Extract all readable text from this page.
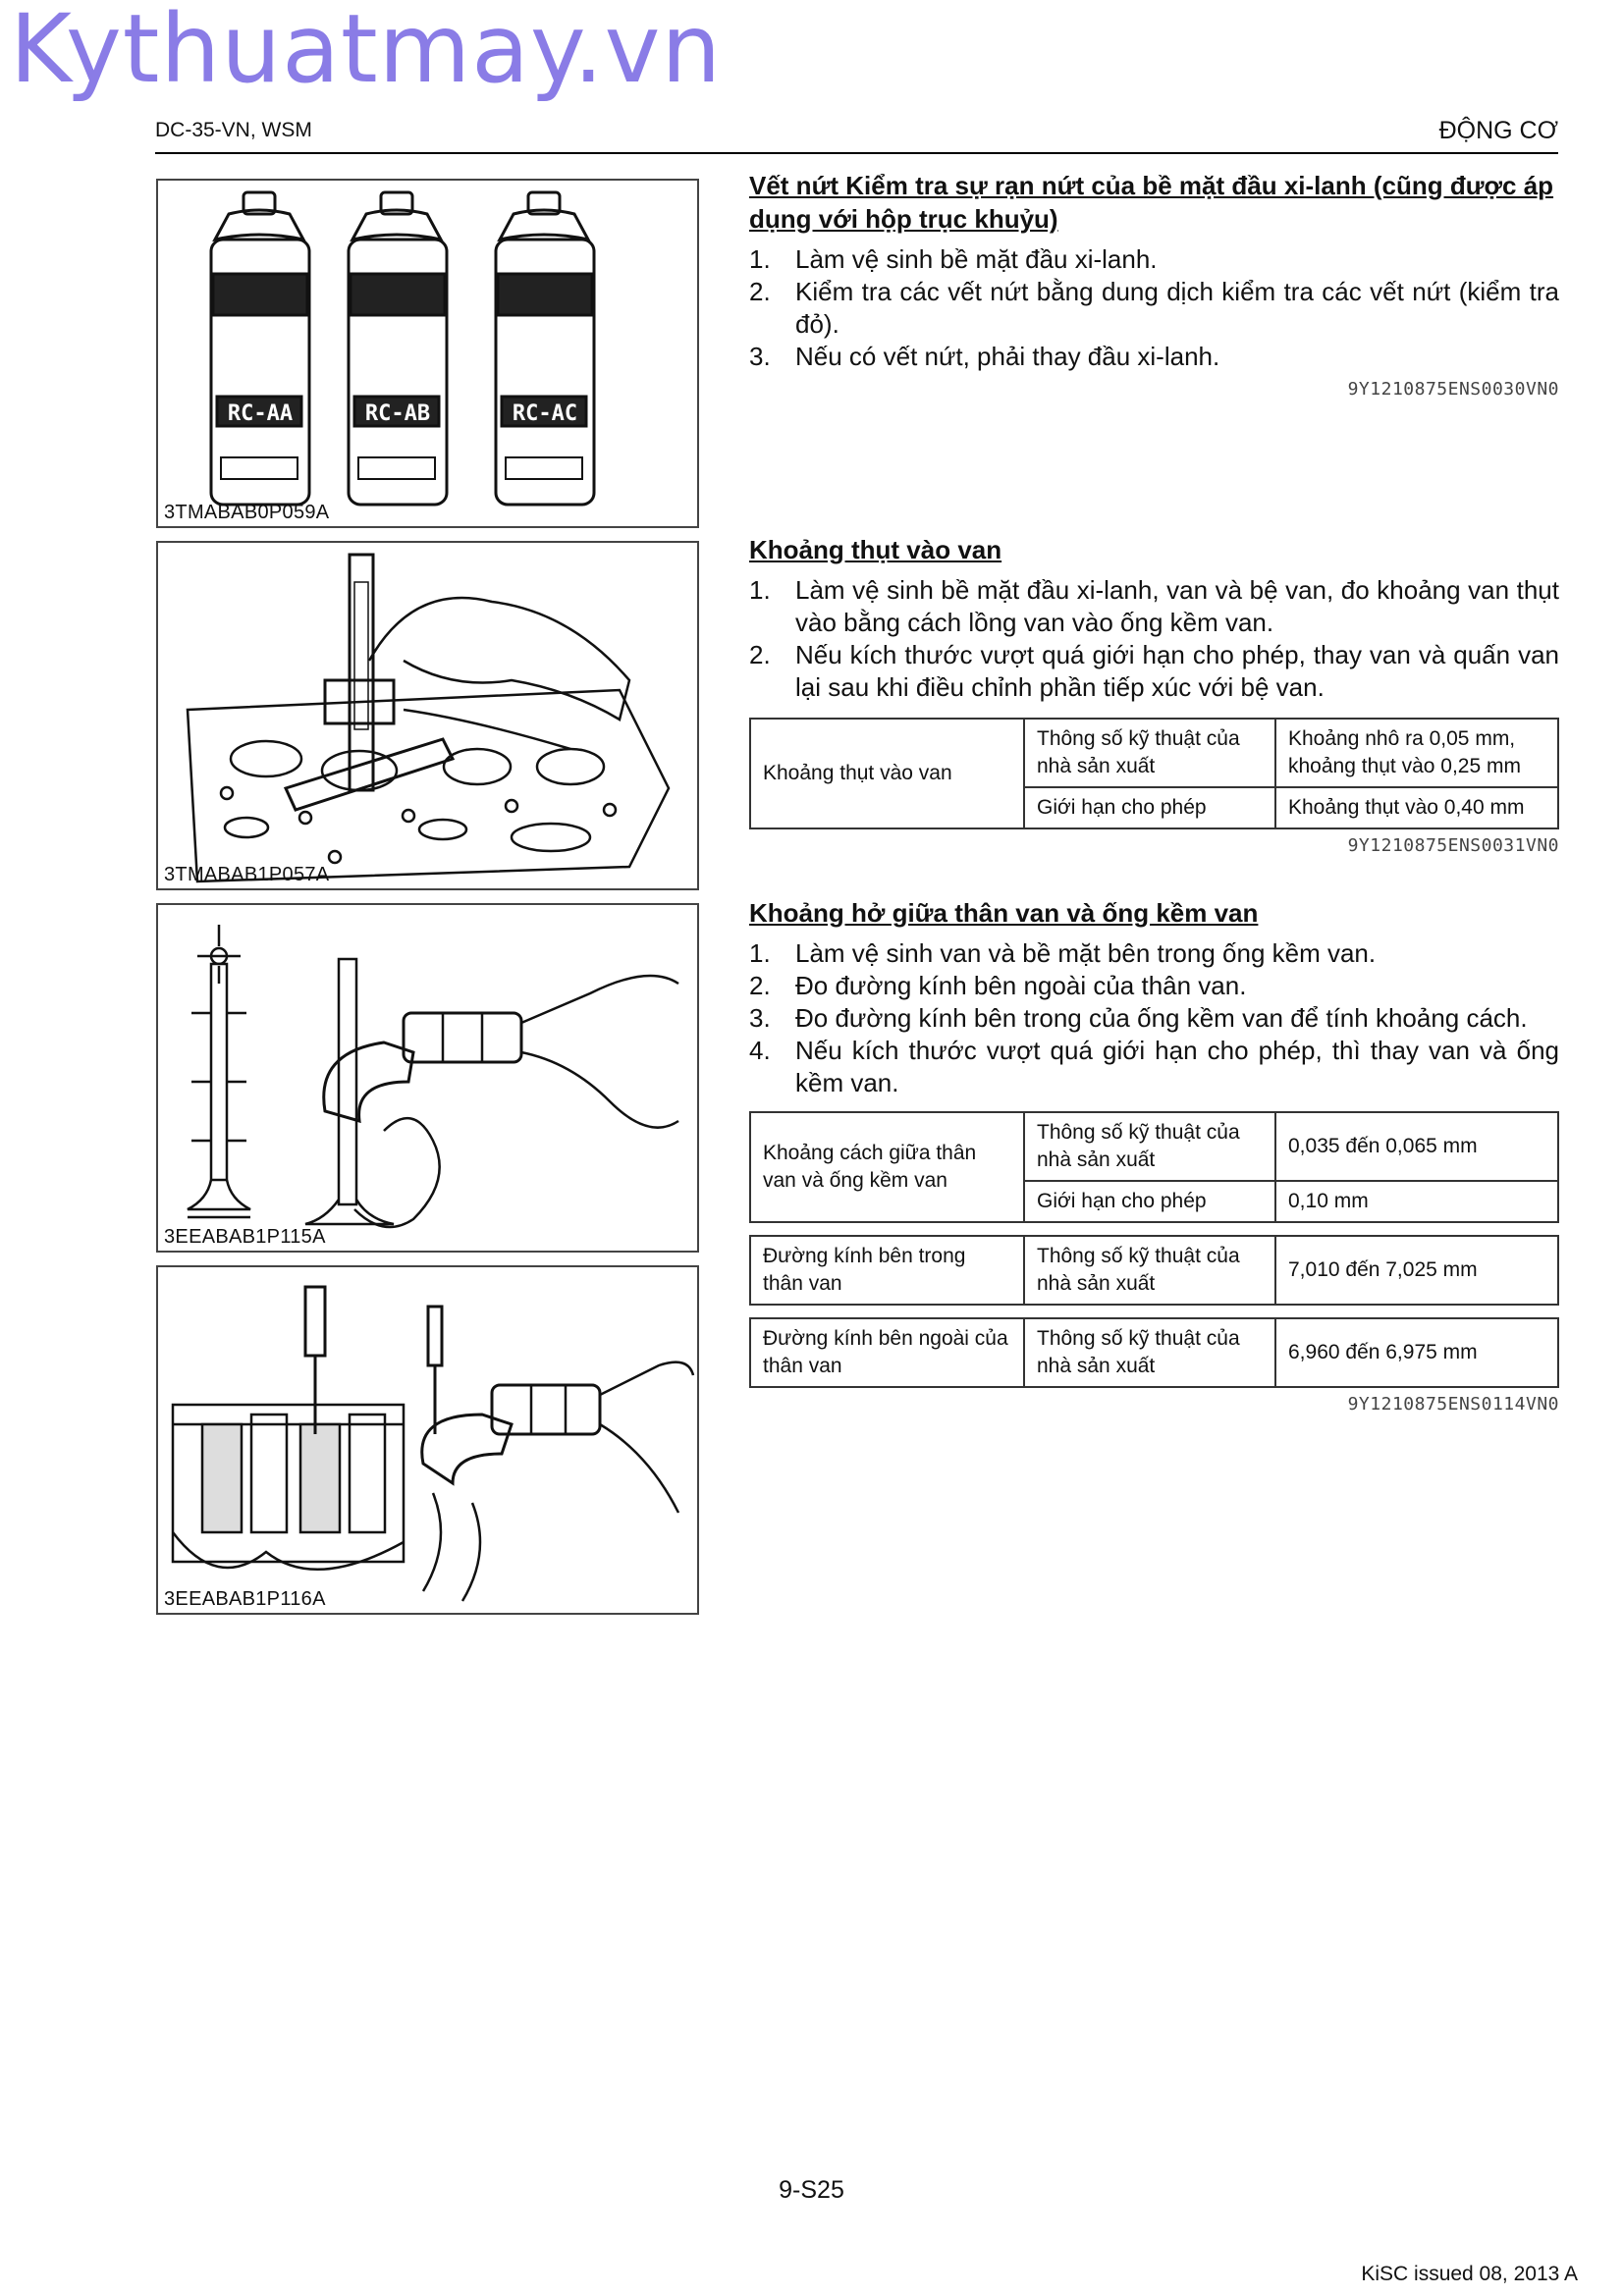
Kythuatmay.vn
DC-35-VN, WSM	ĐỘNG CƠ
RC-AA	RC-AB	RC-AC
3TMABAB0P059A
3TMABAB1P057A
3EEABAB1P115A
3EEABAB1P116A
Vết nứt Kiểm tra sự rạn nứt của bề mặt đầu xi-lanh (cũng được áp dụng với hộp trục khuỷu)
1. Làm vệ sinh bề mặt đầu xi-lanh.
2. Kiểm tra các vết nứt bằng dung dịch kiểm tra các vết nứt (kiểm tra đỏ).
3. Nếu có vết nứt, phải thay đầu xi-lanh.
9Y1210875ENS0030VN0
Khoảng thụt vào van
1. Làm vệ sinh bề mặt đầu xi-lanh, van và bệ van, đo khoảng van thụt vào bằng cách lồng van vào ống kềm van.
2. Nếu kích thước vượt quá giới hạn cho phép, thay van và quấn van lại sau khi điều chỉnh phần tiếp xúc với bệ van.
Khoảng thụt vào van	Thông số kỹ thuật của nhà sản xuất	Khoảng nhô ra 0,05 mm, khoảng thụt vào 0,25 mm
	Giới hạn cho phép	Khoảng thụt vào 0,40 mm
9Y1210875ENS0031VN0
Khoảng hở giữa thân van và ống kềm van
1. Làm vệ sinh van và bề mặt bên trong ống kềm van.
2. Đo đường kính bên ngoài của thân van.
3. Đo đường kính bên trong của ống kềm van để tính khoảng cách.
4. Nếu kích thước vượt quá giới hạn cho phép, thì thay van và ống kềm van.
Khoảng cách giữa thân van và ống kềm van	Thông số kỹ thuật của nhà sản xuất	0,035 đến 0,065 mm
	Giới hạn cho phép	0,10 mm
Đường kính bên trong thân van	Thông số kỹ thuật của nhà sản xuất	7,010 đến 7,025 mm
Đường kính bên ngoài của thân van	Thông số kỹ thuật của nhà sản xuất	6,960 đến 6,975 mm
9Y1210875ENS0114VN0
9-S25
KiSC issued 08, 2013 A
